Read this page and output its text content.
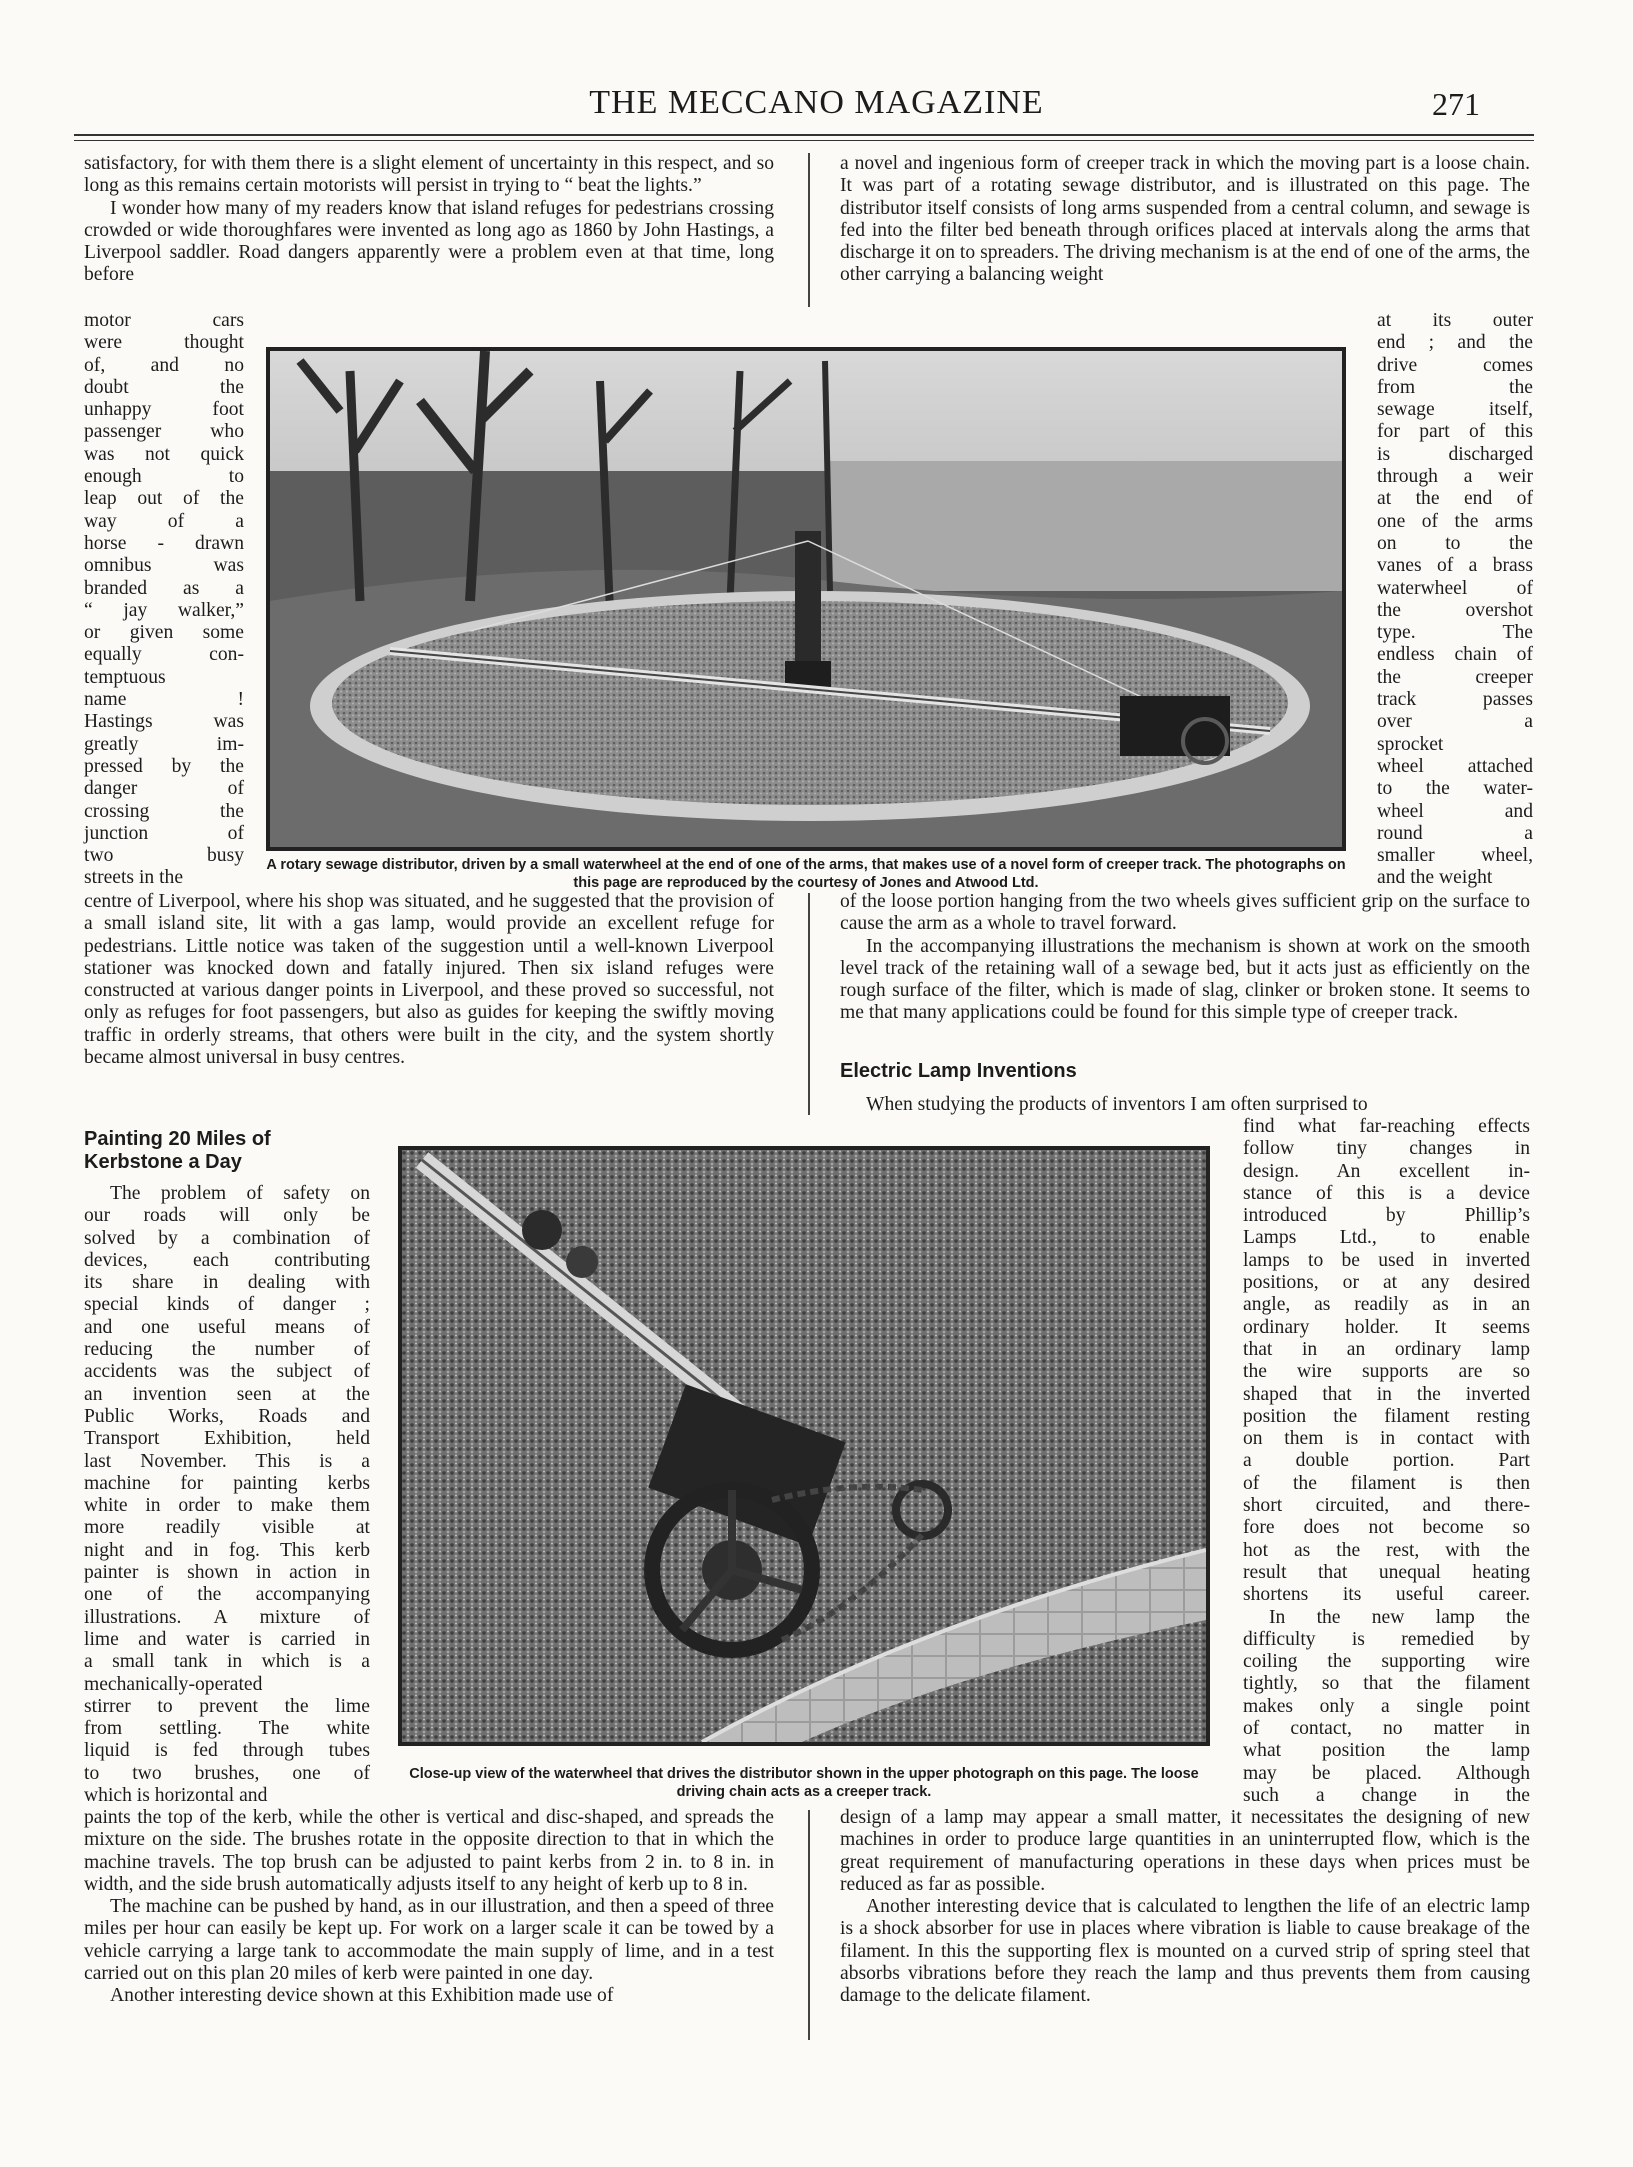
THE MECCANO MAGAZINE	271

satisfactory, for with them there is a slight element of uncertainty in this respect, and so long as this remains certain motorists will persist in trying to “ beat the lights.”

I wonder how many of my readers know that island refuges for pedestrians crossing crowded or wide thoroughfares were invented as long ago as 1860 by John Hastings, a Liverpool saddler. Road dangers apparently were a problem even at that time, long before

motor cars
were thought
of, and no
doubt the
unhappy foot
passenger who
was not quick
enough to
leap out of the
way of a
horse - drawn
omnibus was
branded as a
“ jay walker,”
or given some
equally con-
temptuous
name !
Hastings was
greatly im-
pressed by the
danger of
crossing the
junction of
two busy
streets in the

a novel and ingenious form of creeper track in which the moving part is a loose chain. It was part of a rotating sewage distributor, and is illustrated on this page. The distributor itself consists of long arms suspended from a central column, and sewage is fed into the filter bed beneath through orifices placed at intervals along the arms that discharge it on to spreaders. The driving mechanism is at the end of one of the arms, the other carrying a balancing weight

at its outer
end ; and the
drive comes
from the
sewage itself,
for part of this
is discharged
through a weir
at the end of
one of the arms
on to the
vanes of a brass
waterwheel of
the overshot
type. The
endless chain of
the creeper
track passes
over a
sprocket
wheel attached
to the water-
wheel and
round a
smaller wheel,
and the weight
A rotary sewage distributor, driven by a small waterwheel at the end of one of the arms, that makes use of a novel form of creeper track. The photographs on this page are reproduced by the courtesy of Jones and Atwood Ltd.

centre of Liverpool, where his shop was situated, and he suggested that the provision of a small island site, lit with a gas lamp, would provide an excellent refuge for pedestrians. Little notice was taken of the suggestion until a well-known Liverpool stationer was knocked down and fatally injured. Then six island refuges were constructed at various danger points in Liverpool, and these proved so successful, not only as refuges for foot passengers, but also as guides for keeping the swiftly moving traffic in orderly streams, that others were built in the city, and the system shortly became almost universal in busy centres.

of the loose portion hanging from the two wheels gives sufficient grip on the surface to cause the arm as a whole to travel forward.

In the accompanying illustrations the mechanism is shown at work on the smooth level track of the retaining wall of a sewage bed, but it acts just as efficiently on the rough surface of the filter, which is made of slag, clinker or broken stone. It seems to me that many applications could be found for this simple type of creeper track.

Electric Lamp Inventions

When studying the products of inventors I am often surprised to

Painting 20 Miles of Kerbstone a Day
The problem of safety on
our roads will only be
solved by a combination of
devices, each contributing
its share in dealing with
special kinds of danger ;
and one useful means of
reducing the number of
accidents was the subject of
an invention seen at the
Public Works, Roads and
Transport Exhibition, held
last November. This is a
machine for painting kerbs
white in order to make them
more readily visible at
night and in fog. This kerb
painter is shown in action in
one of the accompanying
illustrations. A mixture of
lime and water is carried in
a small tank in which is a
mechanically-operated
stirrer to prevent the lime
from settling. The white
liquid is fed through tubes
to two brushes, one of
which is horizontal and
find what far-reaching effects
follow tiny changes in
design. An excellent in-
stance of this is a device
introduced by Phillip’s
Lamps Ltd., to enable
lamps to be used in inverted
positions, or at any desired
angle, as readily as in an
ordinary holder. It seems
that in an ordinary lamp
the wire supports are so
shaped that in the inverted
position the filament resting
on them is in contact with
a double portion. Part
of the filament is then
short circuited, and there-
fore does not become so
hot as the rest, with the
result that unequal heating
shortens its useful career.
In the new lamp the
difficulty is remedied by
coiling the supporting wire
tightly, so that the filament
makes only a single point
of contact, no matter in
what position the lamp
may be placed. Although
such a change in the
Close-up view of the waterwheel that drives the distributor shown in the upper photograph on this page. The loose driving chain acts as a creeper track.

paints the top of the kerb, while the other is vertical and disc-shaped, and spreads the mixture on the side. The brushes rotate in the opposite direction to that in which the machine travels. The top brush can be adjusted to paint kerbs from 2 in. to 8 in. in width, and the side brush automatically adjusts itself to any height of kerb up to 8 in.

The machine can be pushed by hand, as in our illustration, and then a speed of three miles per hour can easily be kept up. For work on a larger scale it can be towed by a vehicle carrying a large tank to accommodate the main supply of lime, and in a test carried out on this plan 20 miles of kerb were painted in one day.

Another interesting device shown at this Exhibition made use of

design of a lamp may appear a small matter, it necessitates the designing of new machines in order to produce large quantities in an uninterrupted flow, which is the great requirement of manufacturing operations in these days when prices must be reduced as far as possible.

Another interesting device that is calculated to lengthen the life of an electric lamp is a shock absorber for use in places where vibration is liable to cause breakage of the filament. In this the supporting flex is mounted on a curved strip of spring steel that absorbs vibrations before they reach the lamp and thus prevents them from causing damage to the delicate filament.
